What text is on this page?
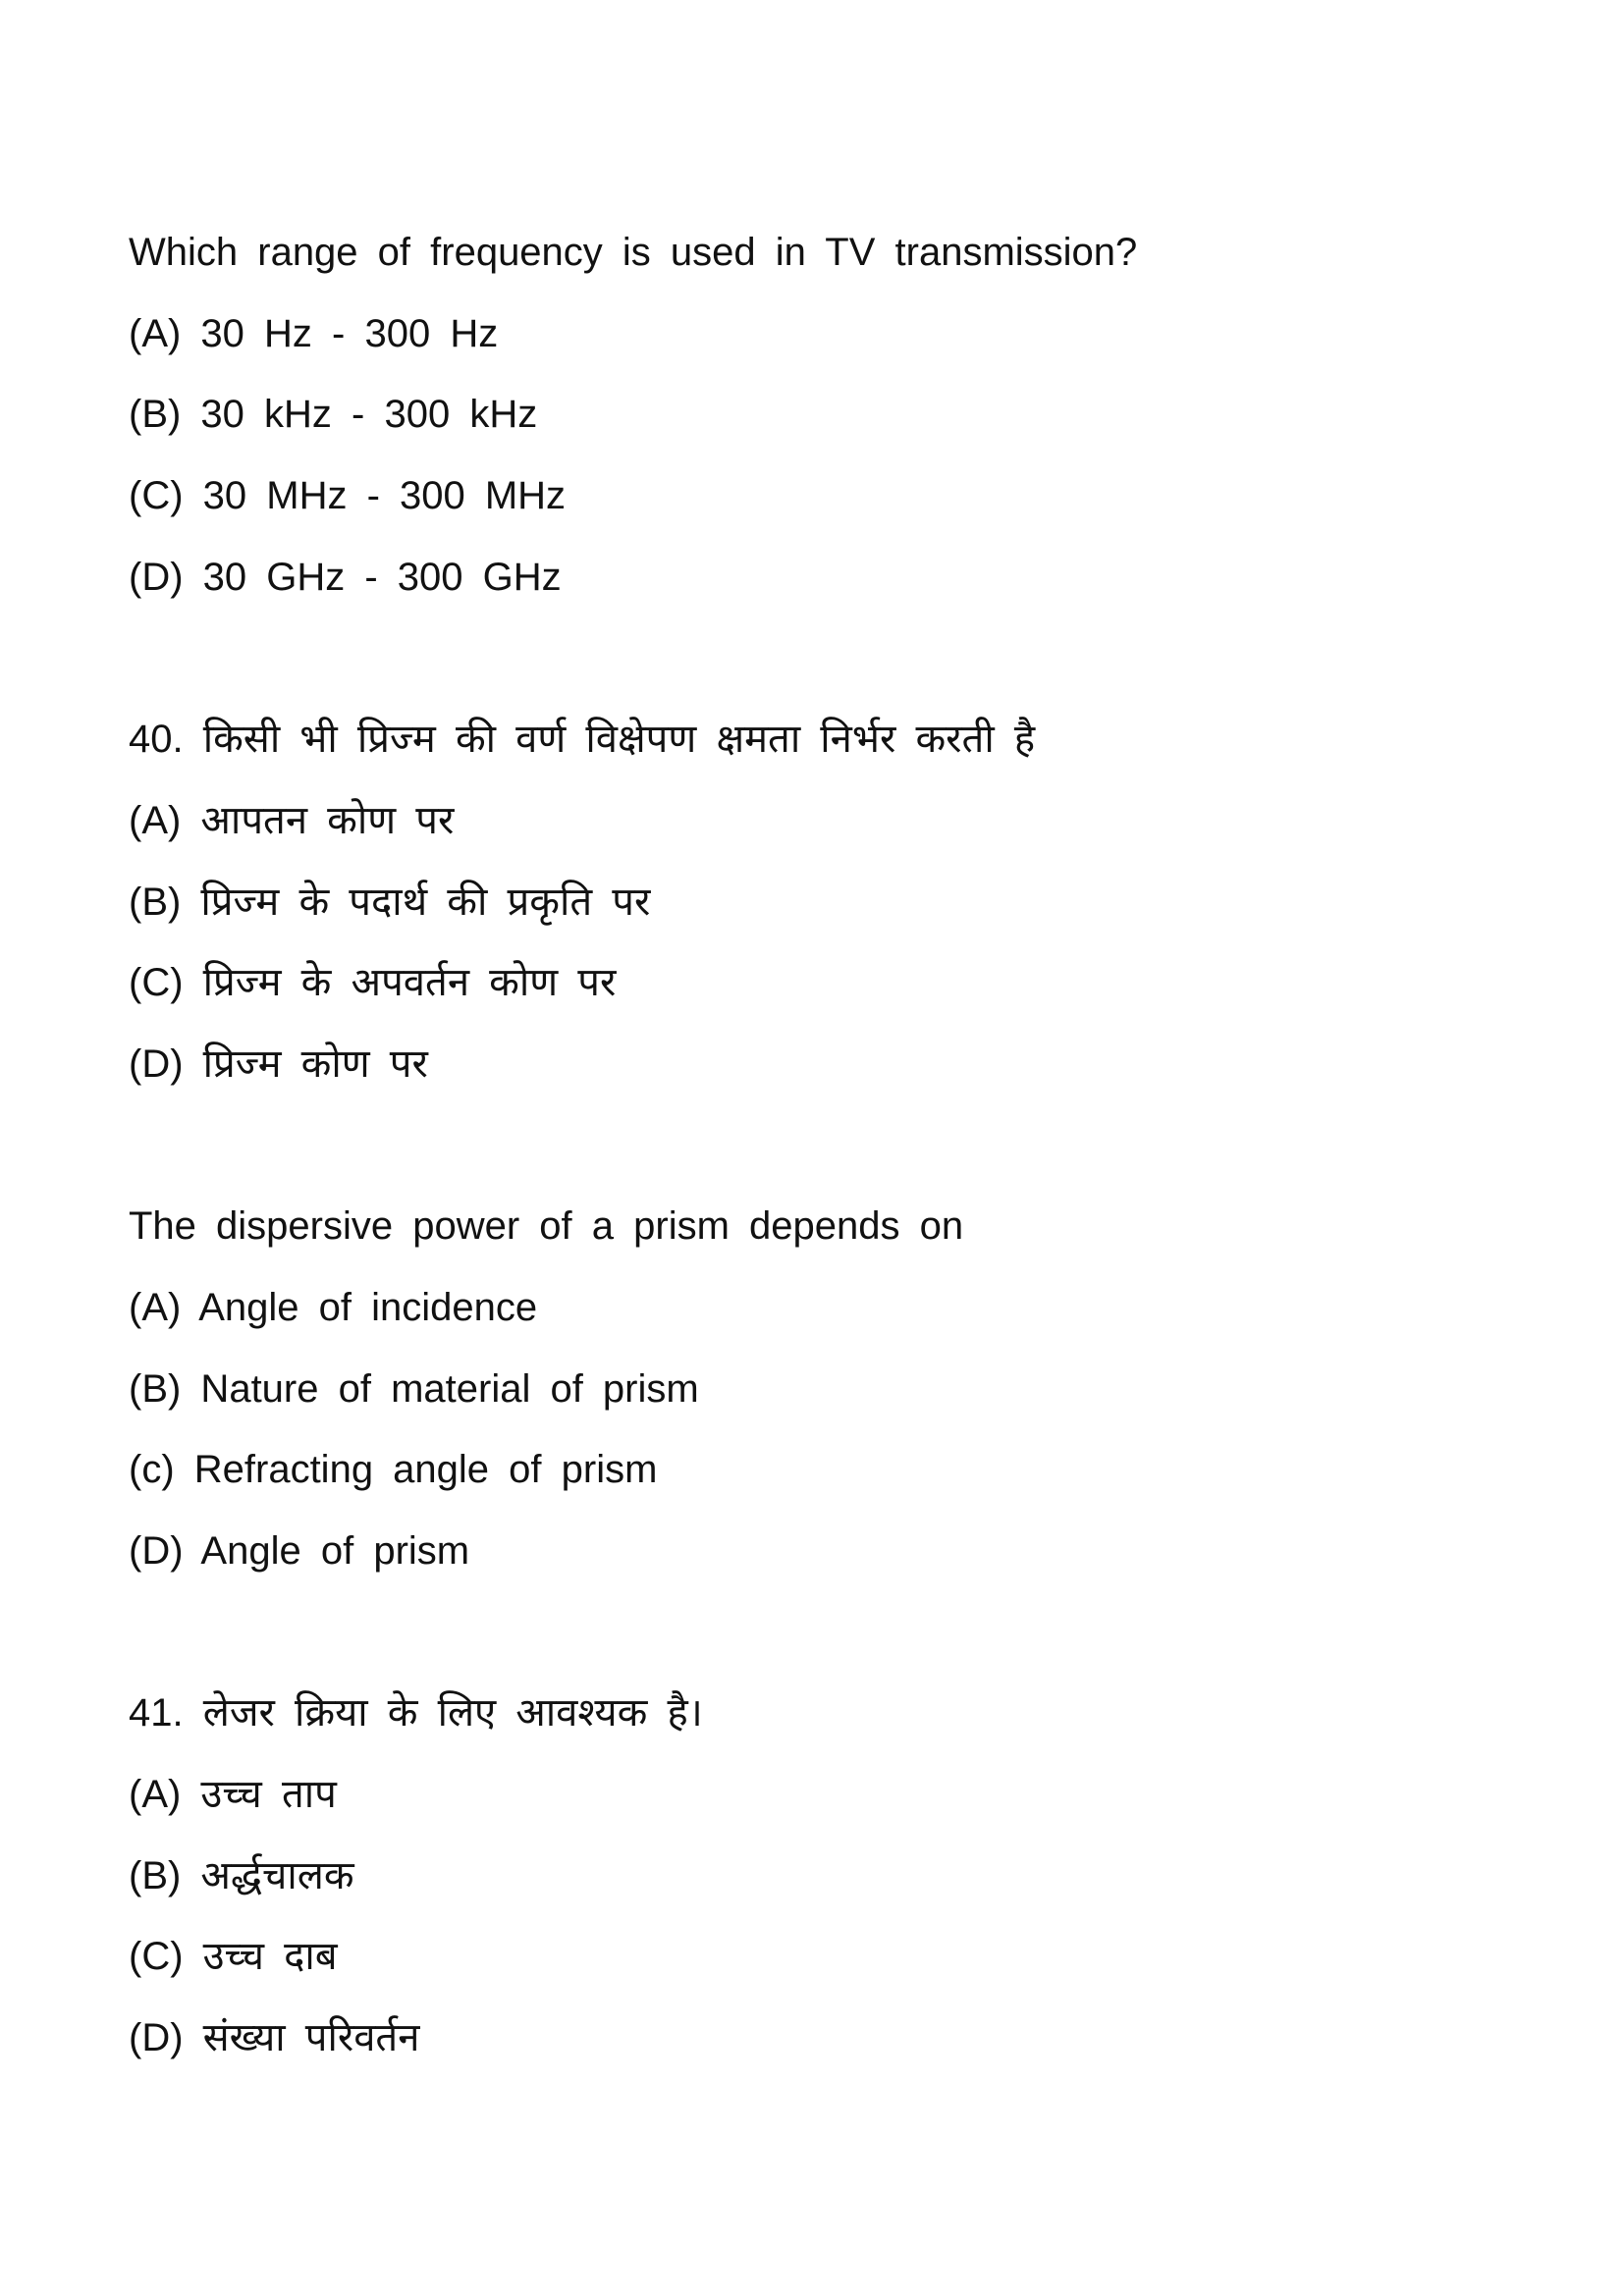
Which range of frequency is used in TV transmission?
(A) 30 Hz - 300 Hz
(B) 30 kHz - 300 kHz
(C) 30 MHz - 300 MHz
(D) 30 GHz - 300 GHz
40. किसी भी प्रिज्म की वर्ण विक्षेपण क्षमता निर्भर करती है
(A) आपतन कोण पर
(B) प्रिज्म के पदार्थ की प्रकृति पर
(C) प्रिज्म के अपवर्तन कोण पर
(D) प्रिज्म कोण पर
The dispersive power of a prism depends on
(A) Angle of incidence
(B) Nature of material of prism
(c) Refracting angle of prism
(D) Angle of prism
41. लेजर क्रिया के लिए आवश्यक है।
(A) उच्च ताप
(B) अर्द्धचालक
(C) उच्च दाब
(D) संख्या परिवर्तन
